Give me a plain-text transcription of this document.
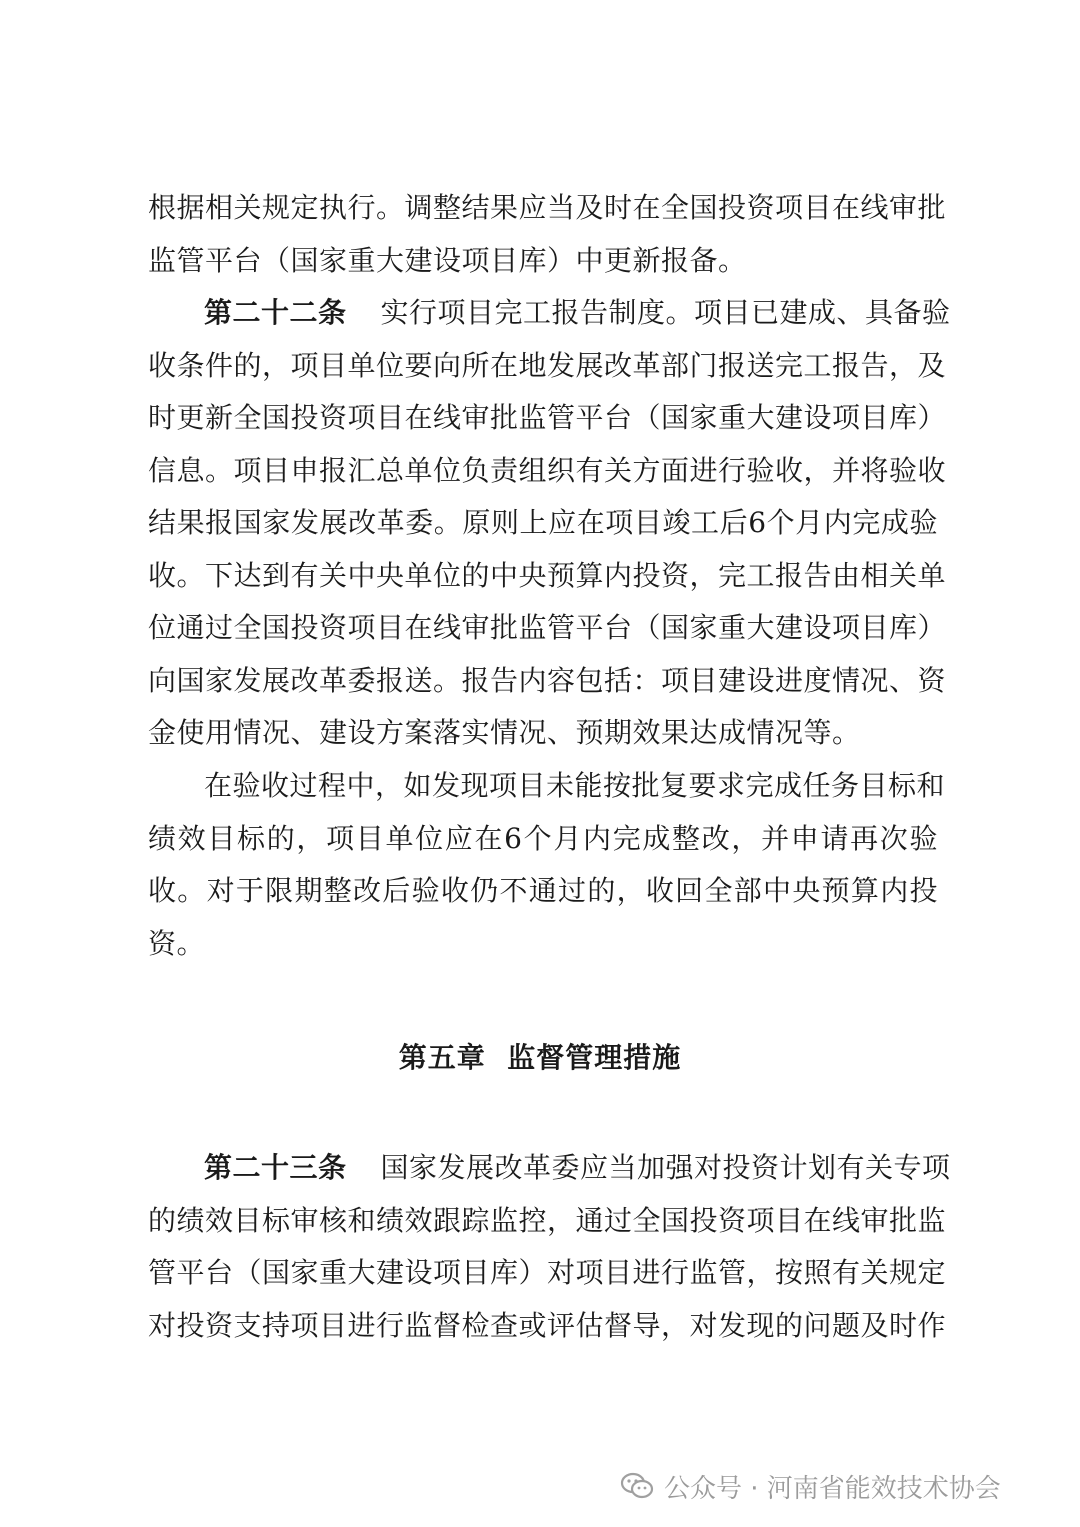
根据相关规定执行。调整结果应当及时在全国投资项目在线审批
监管平台（国家重大建设项目库）中更新报备。
第二十二条 实行项目完工报告制度。项目已建成、具备验
收条件的，项目单位要向所在地发展改革部门报送完工报告，及
时更新全国投资项目在线审批监管平台（国家重大建设项目库）
信息。项目申报汇总单位负责组织有关方面进行验收，并将验收
结果报国家发展改革委。原则上应在项目竣工后6个月内完成验
收。下达到有关中央单位的中央预算内投资，完工报告由相关单
位通过全国投资项目在线审批监管平台（国家重大建设项目库）
向国家发展改革委报送。报告内容包括：项目建设进度情况、资
金使用情况、建设方案落实情况、预期效果达成情况等。
在验收过程中，如发现项目未能按批复要求完成任务目标和
绩效目标的，项目单位应在6个月内完成整改，并申请再次验
收。对于限期整改后验收仍不通过的，收回全部中央预算内投
资。
第五章  监督管理措施
第二十三条 国家发展改革委应当加强对投资计划有关专项
的绩效目标审核和绩效跟踪监控，通过全国投资项目在线审批监
管平台（国家重大建设项目库）对项目进行监管，按照有关规定
对投资支持项目进行监督检查或评估督导，对发现的问题及时作
公众号 · 河南省能效技术协会
